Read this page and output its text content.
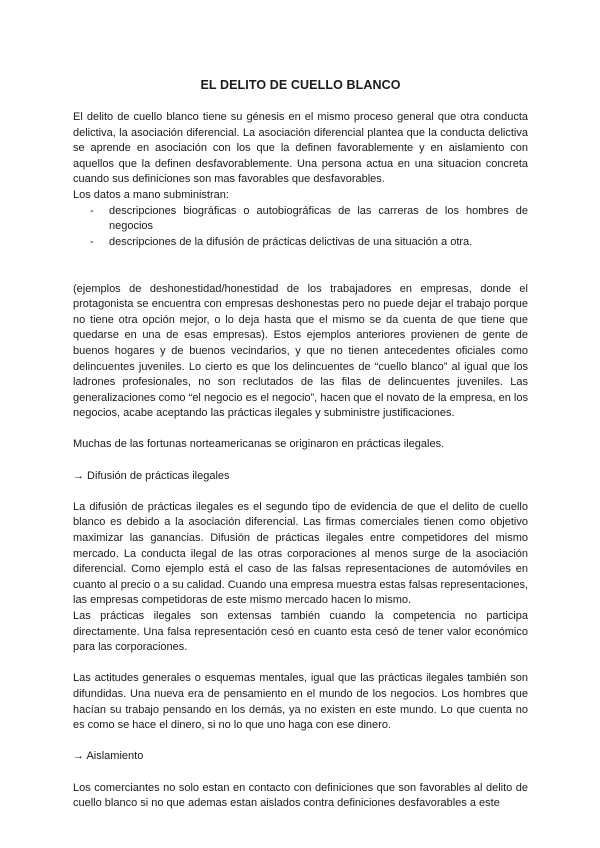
EL DELITO DE CUELLO BLANCO

El delito de cuello blanco tiene su génesis en el mismo proceso general que otra conducta delictiva, la asociación diferencial. La asociación diferencial plantea que la conducta delictiva se aprende en asociación con los que la definen favorablemente y en aislamiento con aquellos que la definen desfavorablemente. Una persona actua en una situacion concreta cuando sus definiciones son mas favorables que desfavorables.

Los datos a mano subministran:

- descripciones biográficas o autobiográficas de las carreras de los hombres de negocios
- descripciones de la difusión de prácticas delictivas de una situación a otra.

(ejemplos de deshonestidad/honestidad de los trabajadores en empresas, donde el protagonista se encuentra con empresas deshonestas pero no puede dejar el trabajo porque no tiene otra opción mejor, o lo deja hasta que el mismo se da cuenta de que tiene que quedarse en una de esas empresas). Estos ejemplos anteriores provienen de gente de buenos hogares y de buenos vecindarios, y que no tienen antecedentes oficiales como delincuentes juveniles. Lo cierto es que los delincuentes de “cuello blanco” al igual que los ladrones profesionales, no son reclutados de las filas de delincuentes juveniles. Las generalizaciones como “el negocio es el negocio”, hacen que el novato de la empresa, en los negocios, acabe aceptando las prácticas ilegales y subministre justificaciones.

Muchas de las fortunas norteamericanas se originaron en prácticas ilegales.

→ Difusión de prácticas ilegales

La difusión de prácticas ilegales es el segundo tipo de evidencia de que el delito de cuello blanco es debido a la asociación diferencial. Las firmas comerciales tienen como objetivo maximizar las ganancias. Difusión de prácticas ilegales entre competidores del mismo mercado. La conducta ilegal de las otras corporaciones al menos surge de la asociación diferencial. Como ejemplo está el caso de las falsas representaciones de automóviles en cuanto al precio o a su calidad. Cuando una empresa muestra estas falsas representaciones, las empresas competidoras de este mismo mercado hacen lo mismo.

Las prácticas ilegales son extensas también cuando la competencia no participa directamente. Una falsa representación cesó en cuanto esta cesó de tener valor económico para las corporaciones.

Las actitudes generales o esquemas mentales, igual que las prácticas ilegales también son difundidas. Una nueva era de pensamiento en el mundo de los negocios. Los hombres que hacían su trabajo pensando en los demás, ya no existen en este mundo. Lo que cuenta no es como se hace el dinero, si no lo que uno haga con ese dinero.

→ Aislamiento

Los comerciantes no solo estan en contacto con definiciones que son favorables al delito de cuello blanco si no que ademas estan aislados contra definiciones desfavorables a este
